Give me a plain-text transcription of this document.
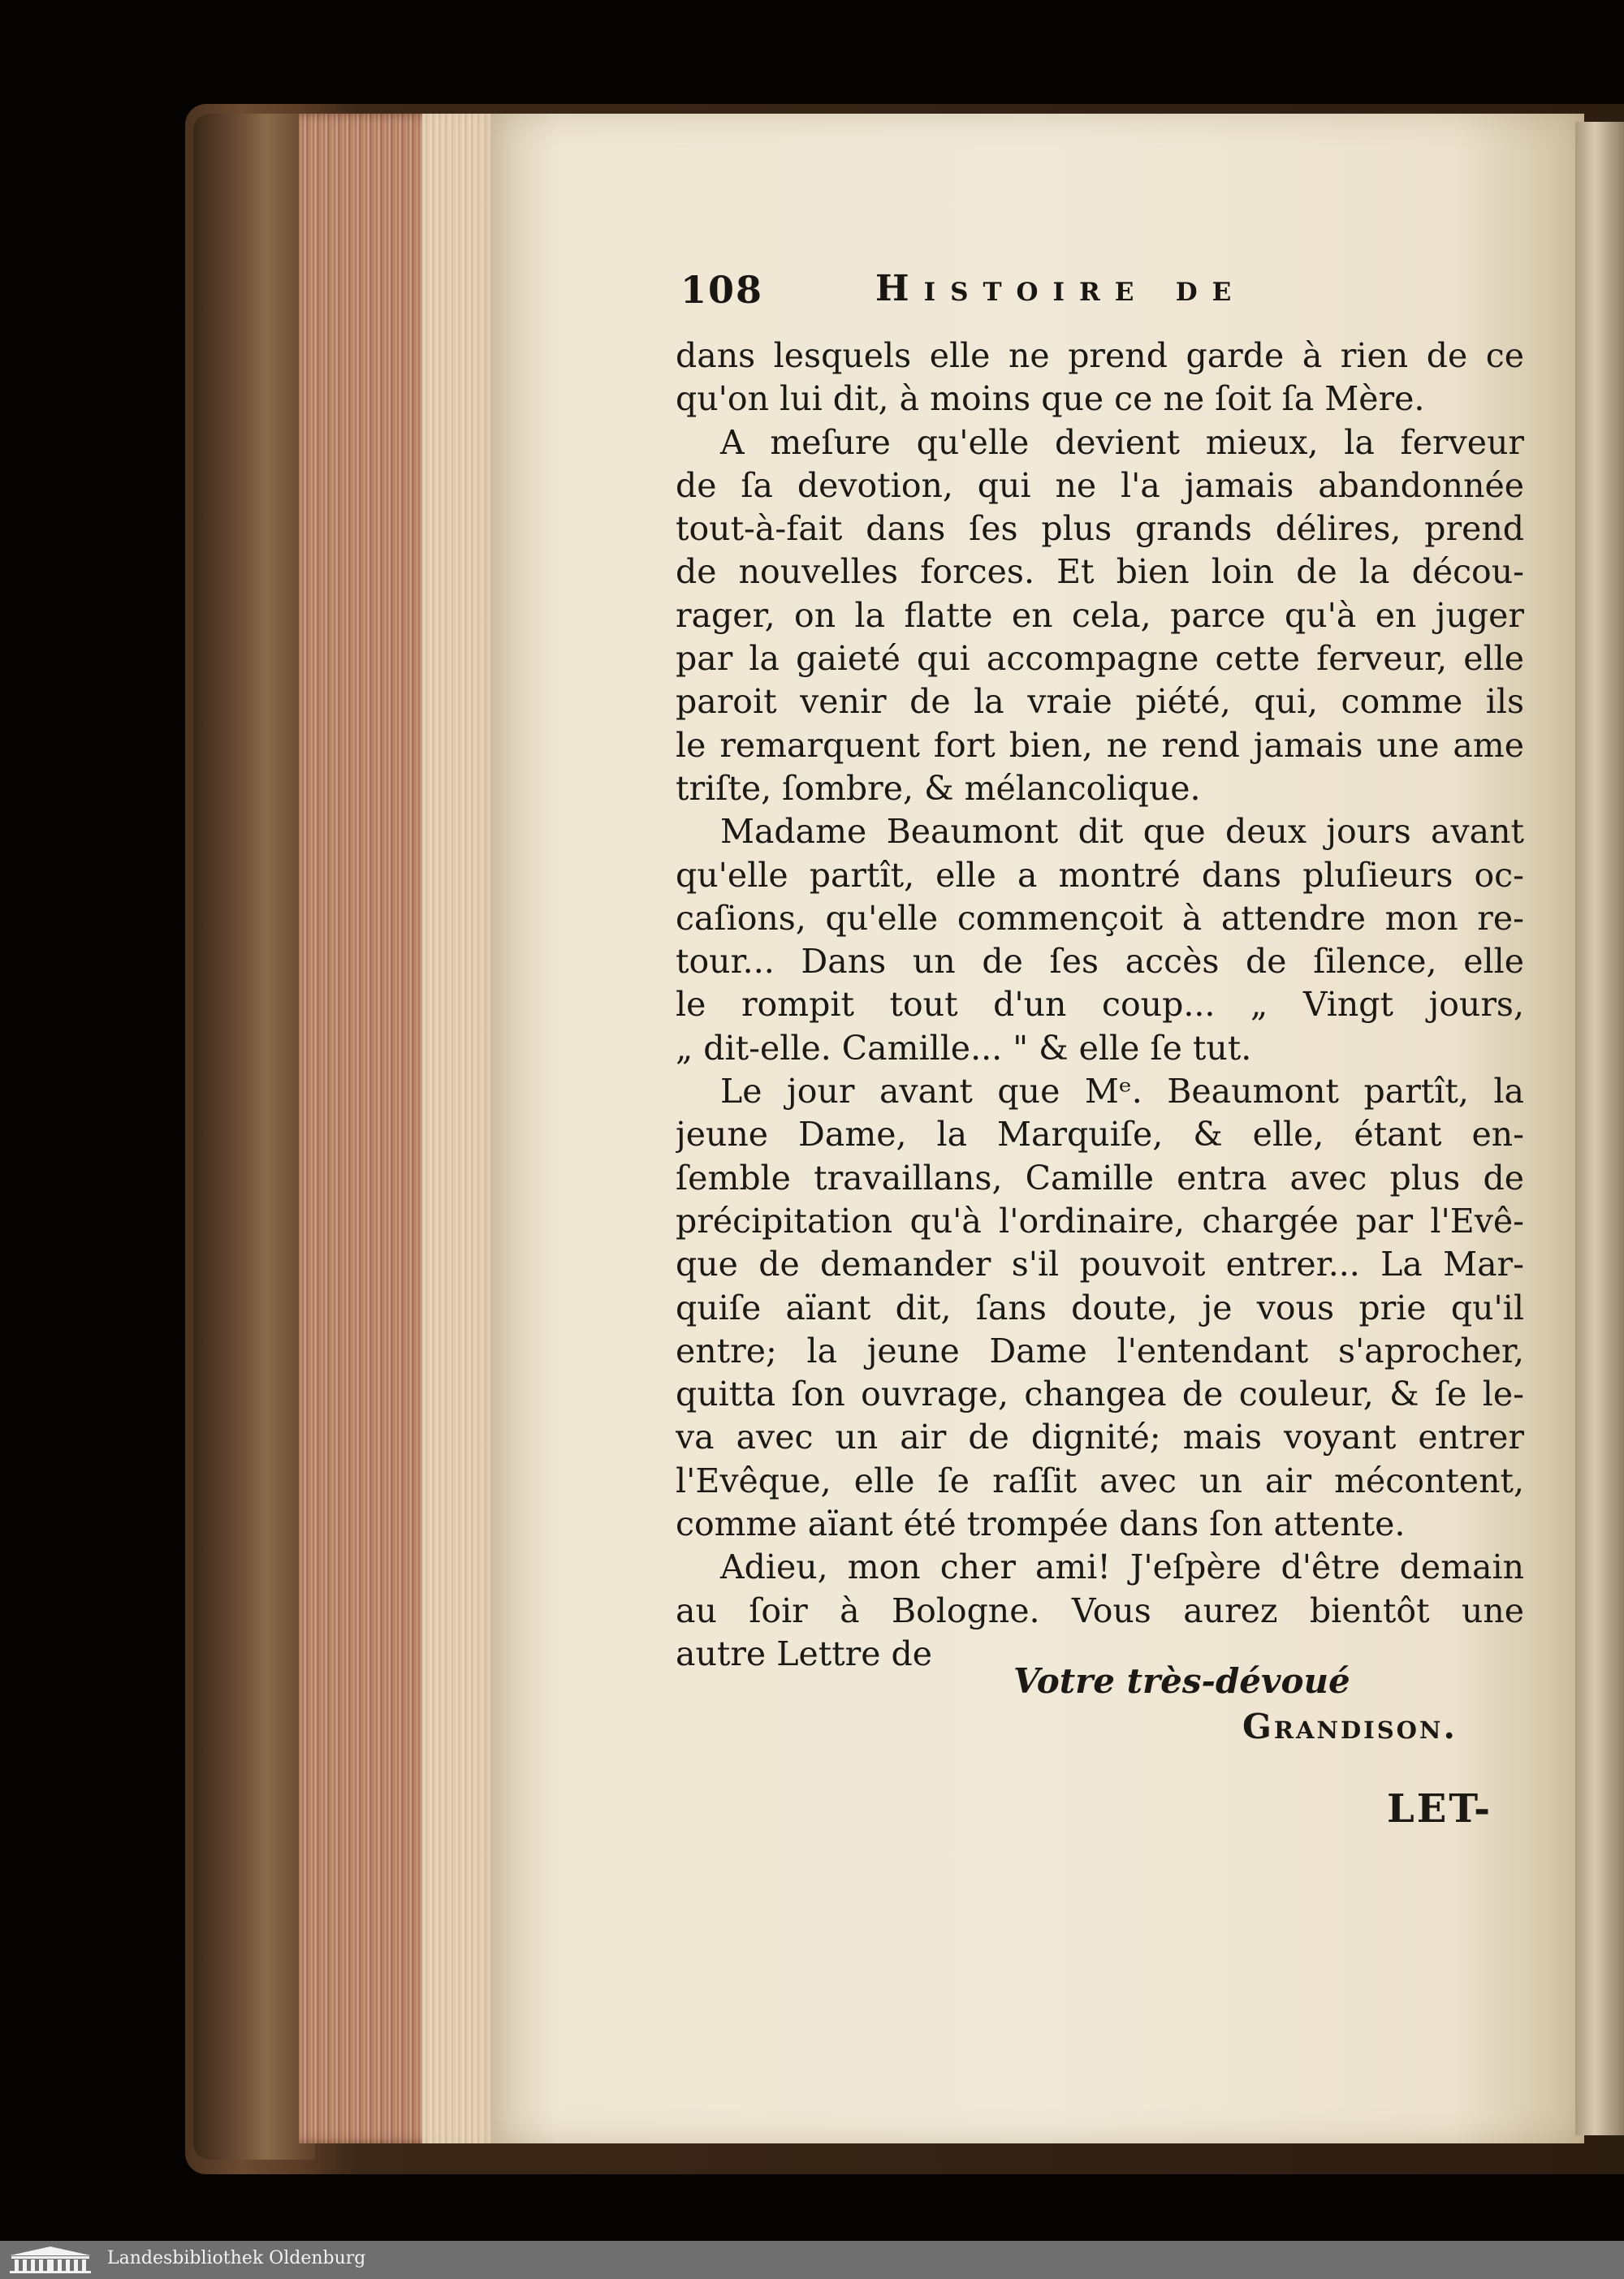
108	Histoire de
dans lesquels elle ne prend garde à rien de ce
qu'on lui dit, à moins que ce ne ſoit ſa Mère.
A meſure qu'elle devient mieux, la ferveur
de ſa devotion, qui ne l'a jamais abandonnée
tout-à-fait dans ſes plus grands délires, prend
de nouvelles forces. Et bien loin de la décou-
rager, on la flatte en cela, parce qu'à en juger
par la gaieté qui accompagne cette ferveur, elle
paroit venir de la vraie piété, qui, comme ils
le remarquent fort bien, ne rend jamais une ame
triſte, ſombre, & mélancolique.
Madame Beaumont dit que deux jours avant
qu'elle partît, elle a montré dans pluſieurs oc-
caſions, qu'elle commençoit à attendre mon re-
tour... Dans un de ſes accès de ſilence, elle
le rompit tout d'un coup... „ Vingt jours,
„ dit-elle. Camille... " & elle ſe tut.
Le jour avant que Mᵉ. Beaumont partît, la
jeune Dame, la Marquiſe, & elle, étant en-
ſemble travaillans, Camille entra avec plus de
précipitation qu'à l'ordinaire, chargée par l'Evê-
que de demander s'il pouvoit entrer... La Mar-
quiſe aïant dit, ſans doute, je vous prie qu'il
entre; la jeune Dame l'entendant s'aprocher,
quitta ſon ouvrage, changea de couleur, & ſe le-
va avec un air de dignité; mais voyant entrer
l'Evêque, elle ſe raſſit avec un air mécontent,
comme aïant été trompée dans ſon attente.
Adieu, mon cher ami! J'eſpère d'être demain
au ſoir à Bologne. Vous aurez bientôt une
autre Lettre de
Votre très-dévoué
Grandison.
LET-
Landesbibliothek Oldenburg
